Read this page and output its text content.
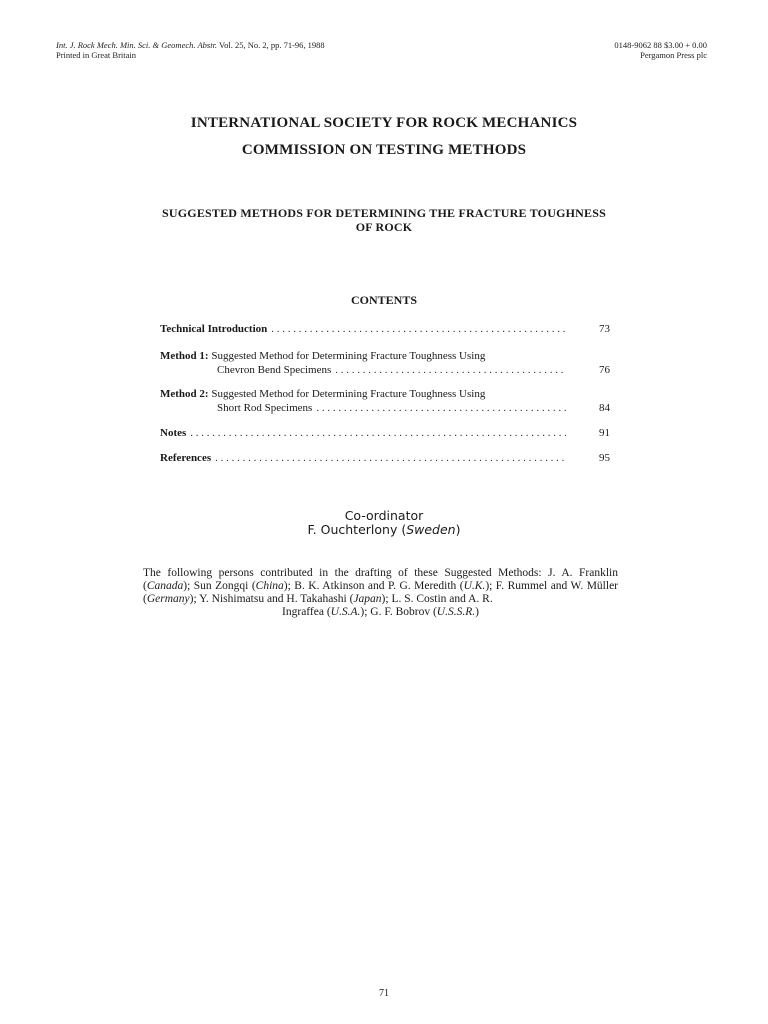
Int. J. Rock Mech. Min. Sci. & Geomech. Abstr. Vol. 25, No. 2, pp. 71-96, 1988
Printed in Great Britain
0148-9062 88 $3.00 + 0.00
Pergamon Press plc
INTERNATIONAL SOCIETY FOR ROCK MECHANICS
COMMISSION ON TESTING METHODS
SUGGESTED METHODS FOR DETERMINING THE FRACTURE TOUGHNESS
OF ROCK
CONTENTS
Technical Introduction . . .	73
Method 1: Suggested Method for Determining Fracture Toughness Using
Chevron Bend Specimens . . .	76
Method 2: Suggested Method for Determining Fracture Toughness Using
Short Rod Specimens . . .	84
Notes . . .	91
References . . .	95
Co-ordinator
F. Ouchterlony (Sweden)
The following persons contributed in the drafting of these Suggested Methods: J. A. Franklin (Canada); Sun Zongqi (China); B. K. Atkinson and P. G. Meredith (U.K.); F. Rummel and W. Müller (Germany); Y. Nishimatsu and H. Takahashi (Japan); L. S. Costin and A. R.
Ingraffea (U.S.A.); G. F. Bobrov (U.S.S.R.)
71
